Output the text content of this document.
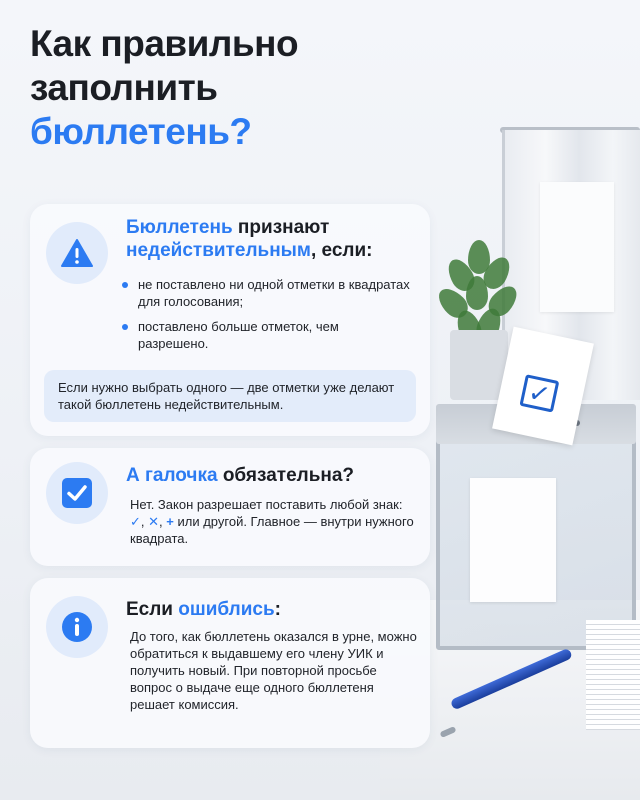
✓
Как правильно
заполнить
бюллетень?
Бюллетень признают
недействительным, если:
не поставлено ни одной отметки в квадратах для голосования;
поставлено больше отметок, чем разрешено.
Если нужно выбрать одного — две отметки уже делают такой бюллетень недействительным.
А галочка обязательна?

Нет. Закон разрешает поставить любой знак: ✓, ✕, + или другой. Главное — внутри нужного квадрата.

Если ошиблись:

До того, как бюллетень оказался в урне, можно обратиться к выдавшему его члену УИК и получить новый. При повторной просьбе вопрос о выдаче еще одного бюллетеня решает комиссия.
